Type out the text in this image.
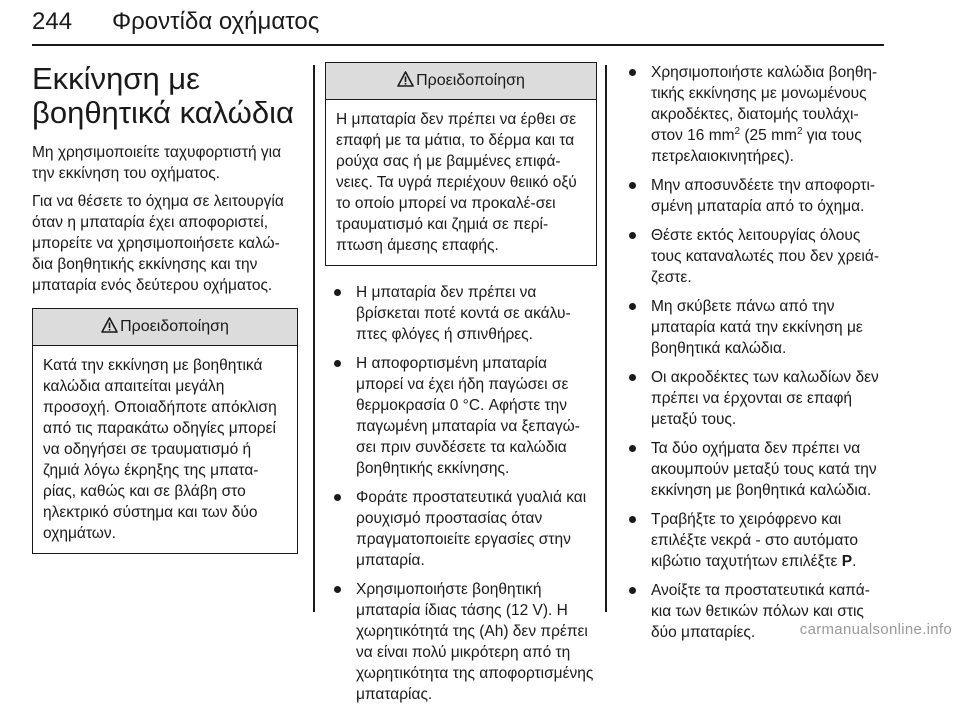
244 Φροντίδα οχήματος
Εκκίνηση με βοηθητικά καλώδια

Μη χρησιμοποιείτε ταχυφορτιστή για την εκκίνηση του οχήματος.

Για να θέσετε το όχημα σε λειτουργία όταν η μπαταρία έχει αποφοριστεί, μπορείτε να χρησιμοποιήσετε καλώ-δια βοηθητικής εκκίνησης και την μπαταρία ενός δεύτερου οχήματος.

Προειδοποίηση
Κατά την εκκίνηση με βοηθητικά καλώδια απαιτείται μεγάλη προσοχή. Οποιαδήποτε απόκλιση από τις παρακάτω οδηγίες μπορεί να οδηγήσει σε τραυματισμό ή ζημιά λόγω έκρηξης της μπατα-ρίας, καθώς και σε βλάβη στο ηλεκτρικό σύστημα και των δύο οχημάτων.
Προειδοποίηση
Η μπαταρία δεν πρέπει να έρθει σε επαφή με τα μάτια, το δέρμα και τα ρούχα σας ή με βαμμένες επιφά-νειες. Τα υγρά περιέχουν θειικό οξύ το οποίο μπορεί να προκαλέ-σει τραυματισμό και ζημιά σε περί-πτωση άμεσης επαφής.
Η μπαταρία δεν πρέπει να βρίσκεται ποτέ κοντά σε ακάλυ-πτες φλόγες ή σπινθήρες.
Η αποφορτισμένη μπαταρία μπορεί να έχει ήδη παγώσει σε θερμοκρασία 0 °C. Αφήστε την παγωμένη μπαταρία να ξεπαγώ-σει πριν συνδέσετε τα καλώδια βοηθητικής εκκίνησης.
Φοράτε προστατευτικά γυαλιά και ρουχισμό προστασίας όταν πραγματοποιείτε εργασίες στην μπαταρία.
Χρησιμοποιήστε βοηθητική μπαταρία ίδιας τάσης (12 V). Η χωρητικότητά της (Ah) δεν πρέπει να είναι πολύ μικρότερη από τη χωρητικότητα της αποφορτισμένης μπαταρίας.
Χρησιμοποιήστε καλώδια βοηθη-τικής εκκίνησης με μονωμένους ακροδέκτες, διατομής τουλάχι-στον 16 $mm^2$ (25 $mm^2$ για τους πετρελαιοκινητήρες).
Μην αποσυνδέετε την αποφορτι-σμένη μπαταρία από το όχημα.
Θέστε εκτός λειτουργίας όλους τους καταναλωτές που δεν χρειά-ζεστε.
Μη σκύβετε πάνω από την μπαταρία κατά την εκκίνηση με βοηθητικά καλώδια.
Οι ακροδέκτες των καλωδίων δεν πρέπει να έρχονται σε επαφή μεταξύ τους.
Τα δύο οχήματα δεν πρέπει να ακουμπούν μεταξύ τους κατά την εκκίνηση με βοηθητικά καλώδια.
Τραβήξτε το χειρόφρενο και επιλέξτε νεκρά - στο αυτόματο κιβώτιο ταχυτήτων επιλέξτε P.
Ανοίξτε τα προστατευτικά καπά-κια των θετικών πόλων και στις δύο μπαταρίες.	carmanualsonline.info
